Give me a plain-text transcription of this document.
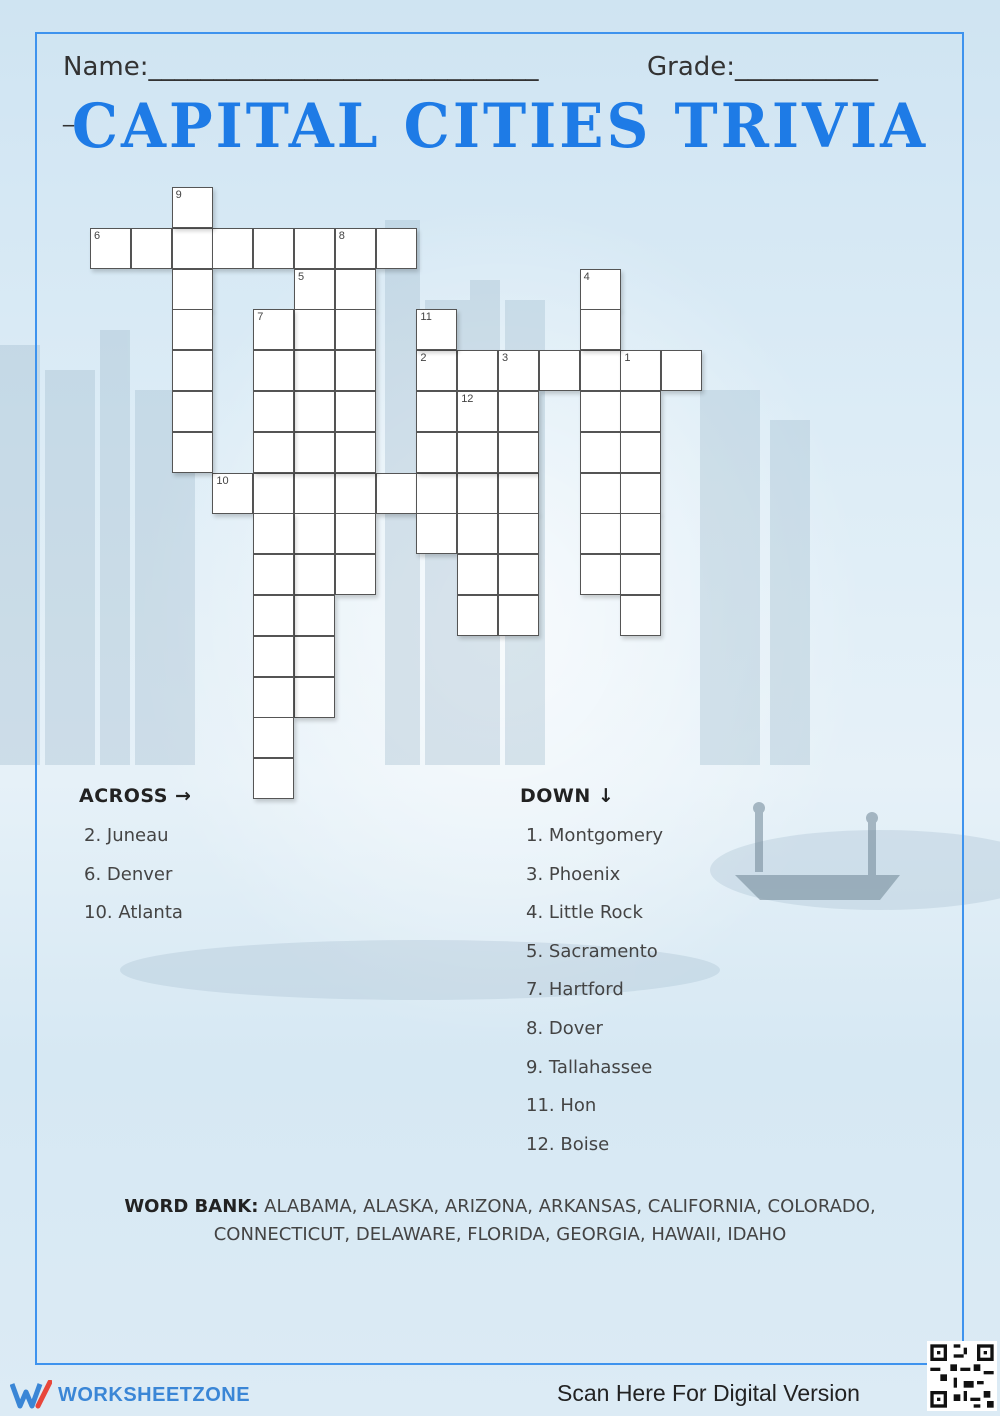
Name:______________________________	Grade:___________
_
CAPITAL CITIES TRIVIA
6	8
2	3	1
10
9
5
7	11
12
4
ACROSS →
2. Juneau
6. Denver
10. Atlanta
DOWN ↓
1. Montgomery
3. Phoenix
4. Little Rock
5. Sacramento
7. Hartford
8. Dover
9. Tallahassee
11. Hon
12. Boise
WORD BANK: ALABAMA, ALASKA, ARIZONA, ARKANSAS, CALIFORNIA, COLORADO, CONNECTICUT, DELAWARE, FLORIDA, GEORGIA, HAWAII, IDAHO
WORKSHEETZONE	Scan Here For Digital Version
